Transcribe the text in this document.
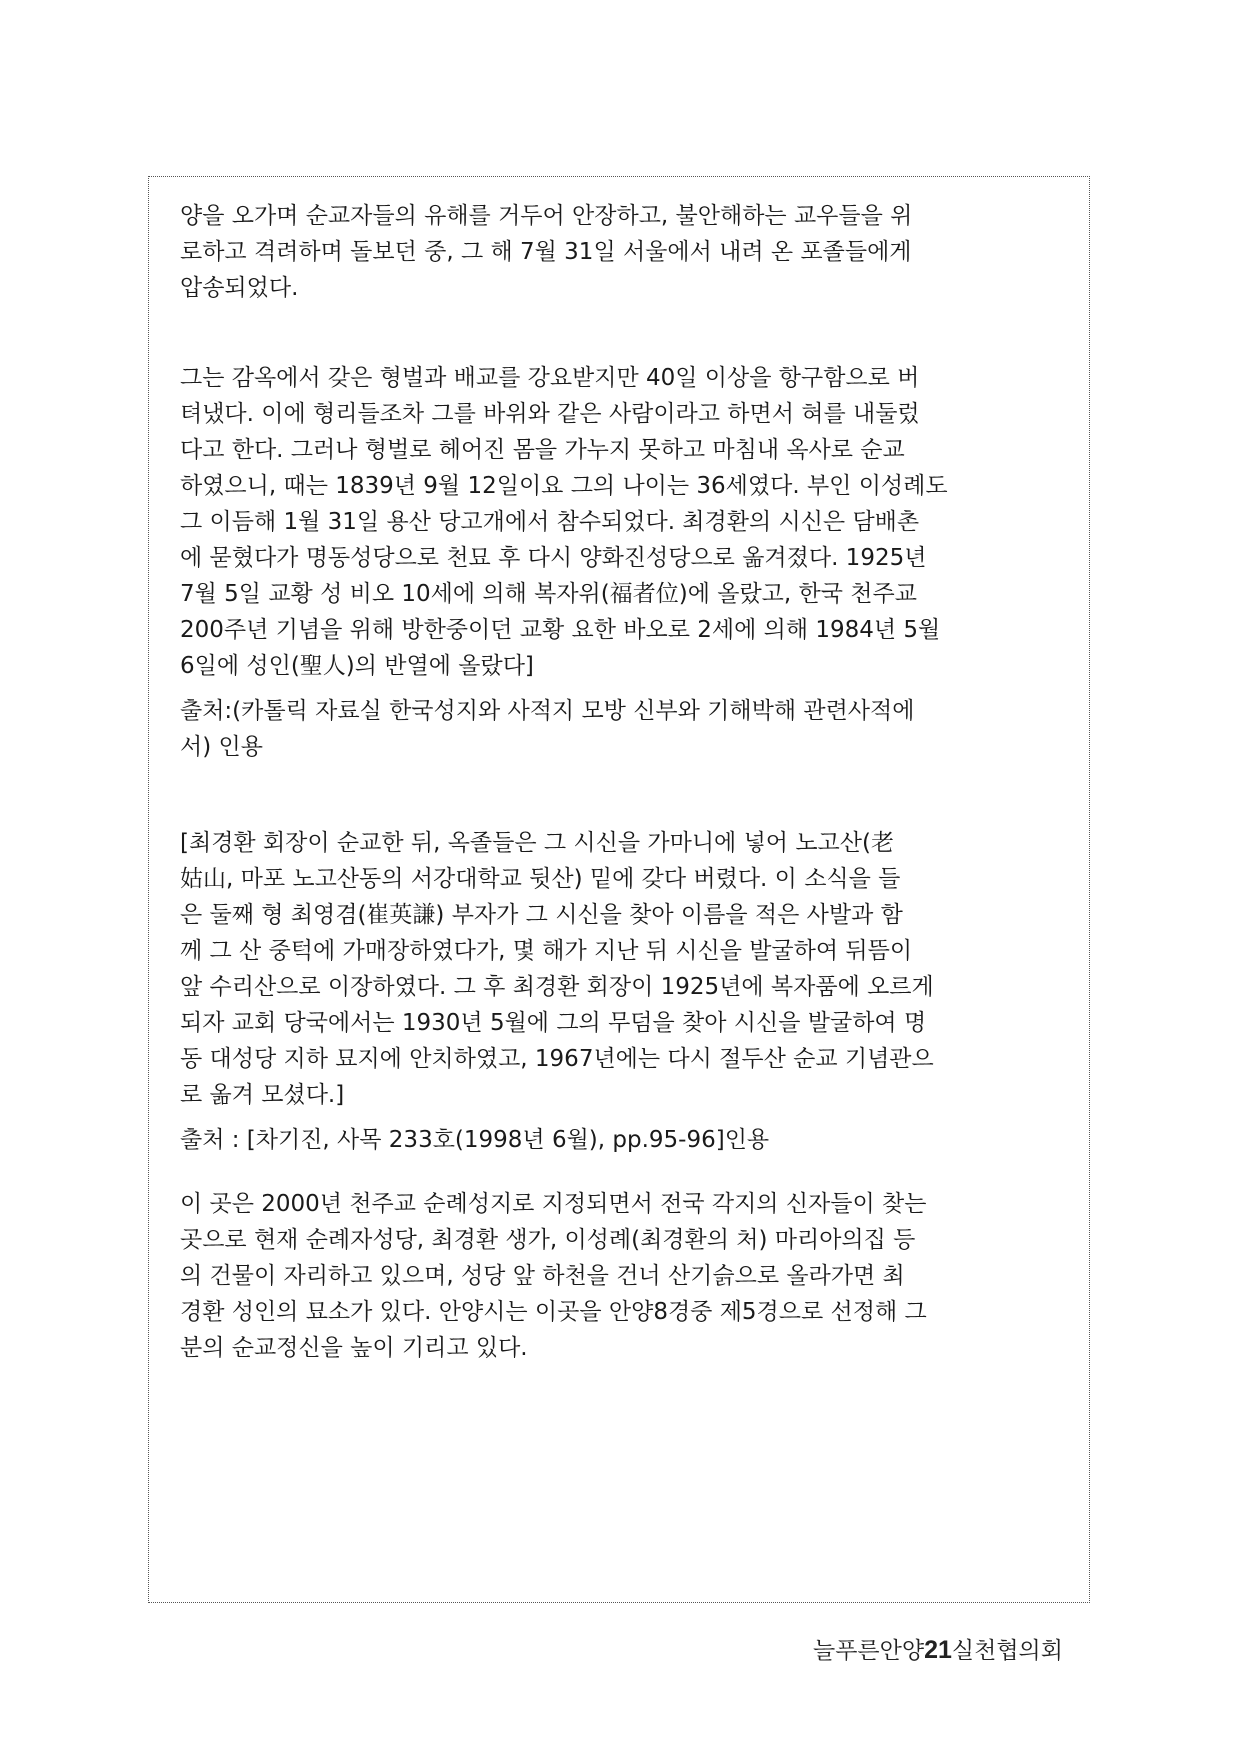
양을 오가며 순교자들의 유해를 거두어 안장하고, 불안해하는 교우들을 위
로하고 격려하며 돌보던 중, 그 해 7월 31일 서울에서 내려 온 포졸들에게
압송되었다.

그는 감옥에서 갖은 형벌과 배교를 강요받지만 40일 이상을 항구함으로 버
텨냈다. 이에 형리들조차 그를 바위와 같은 사람이라고 하면서 혀를 내둘렀
다고 한다. 그러나 형벌로 헤어진 몸을 가누지 못하고 마침내 옥사로 순교
하였으니, 때는 1839년 9월 12일이요 그의 나이는 36세였다. 부인 이성례도
그 이듬해 1월 31일 용산 당고개에서 참수되었다. 최경환의 시신은 담배촌
에 묻혔다가 명동성당으로 천묘 후 다시 양화진성당으로 옮겨졌다. 1925년
7월 5일 교황 성 비오 10세에 의해 복자위(福者位)에 올랐고, 한국 천주교
200주년 기념을 위해 방한중이던 교황 요한 바오로 2세에 의해 1984년 5월
6일에 성인(聖人)의 반열에 올랐다]

출처:(카톨릭 자료실 한국성지와 사적지 모방 신부와 기해박해 관련사적에
서) 인용

[최경환 회장이 순교한 뒤, 옥졸들은 그 시신을 가마니에 넣어 노고산(老
姑山, 마포 노고산동의 서강대학교 뒷산) 밑에 갖다 버렸다. 이 소식을 들
은 둘째 형 최영겸(崔英謙) 부자가 그 시신을 찾아 이름을 적은 사발과 함
께 그 산 중턱에 가매장하였다가, 몇 해가 지난 뒤 시신을 발굴하여 뒤뜸이
앞 수리산으로 이장하였다. 그 후 최경환 회장이 1925년에 복자품에 오르게
되자 교회 당국에서는 1930년 5월에 그의 무덤을 찾아 시신을 발굴하여 명
동 대성당 지하 묘지에 안치하였고, 1967년에는 다시 절두산 순교 기념관으
로 옮겨 모셨다.]

출처 : [차기진, 사목 233호(1998년 6월), pp.95-96]인용

이 곳은 2000년 천주교 순례성지로 지정되면서 전국 각지의 신자들이 찾는
곳으로 현재 순례자성당, 최경환 생가, 이성례(최경환의 처) 마리아의집 등
의 건물이 자리하고 있으며, 성당 앞 하천을 건너 산기슭으로 올라가면 최
경환 성인의 묘소가 있다. 안양시는 이곳을 안양8경중 제5경으로 선정해 그
분의 순교정신을 높이 기리고 있다.

늘푸른안양21실천협의회
